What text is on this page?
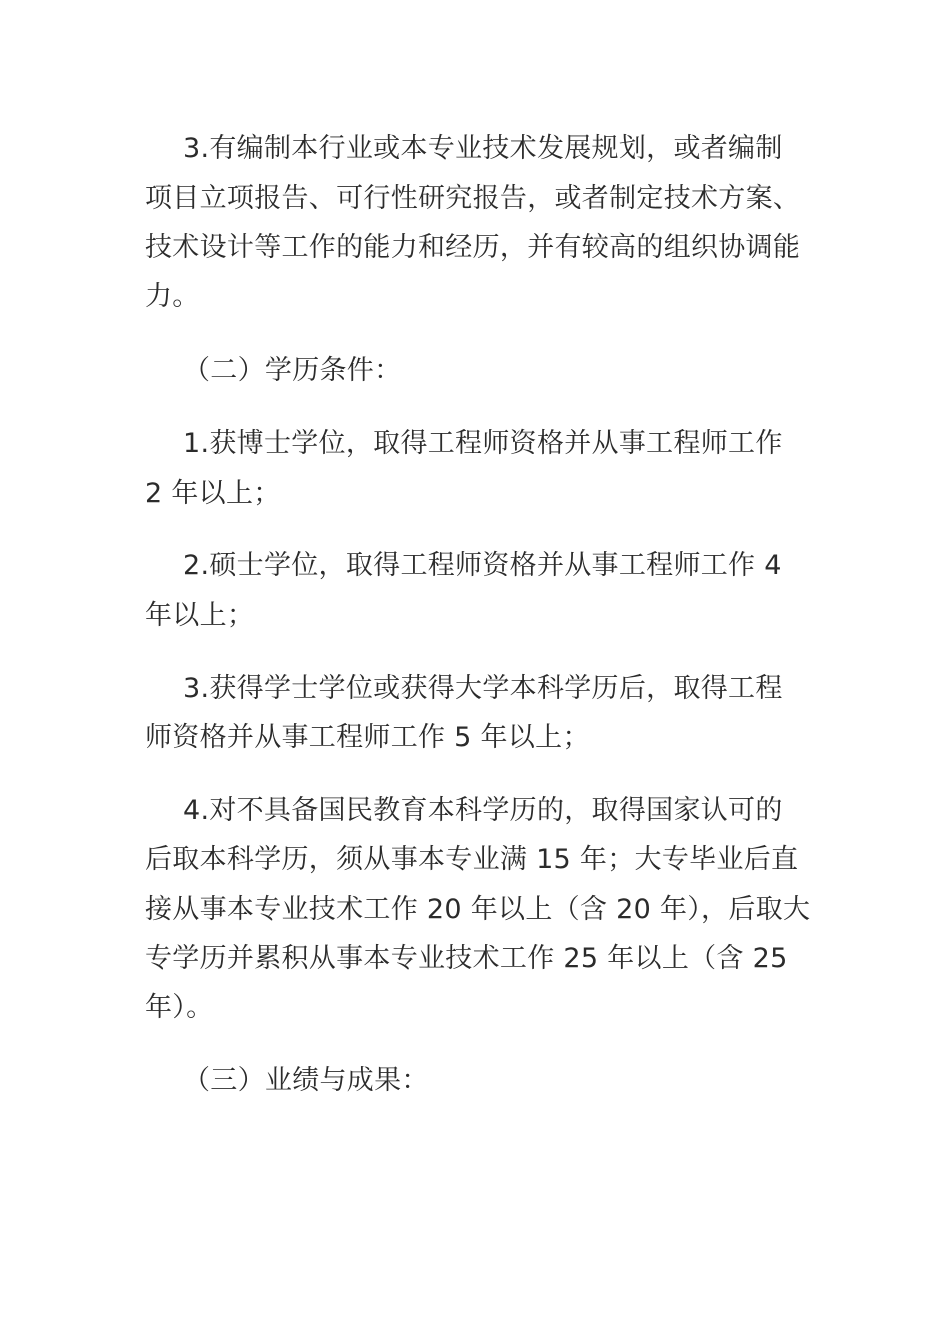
3.有编制本行业或本专业技术发展规划，或者编制
项目立项报告、可行性研究报告，或者制定技术方案、
技术设计等工作的能力和经历，并有较高的组织协调能
力。
（二）学历条件：
1.获博士学位，取得工程师资格并从事工程师工作
2 年以上；
2.硕士学位，取得工程师资格并从事工程师工作 4
年以上；
3.获得学士学位或获得大学本科学历后，取得工程
师资格并从事工程师工作 5 年以上；
4.对不具备国民教育本科学历的，取得国家认可的
后取本科学历，须从事本专业满 15 年；大专毕业后直
接从事本专业技术工作 20 年以上（含 20 年），后取大
专学历并累积从事本专业技术工作 25 年以上（含 25
年）。
（三）业绩与成果：
